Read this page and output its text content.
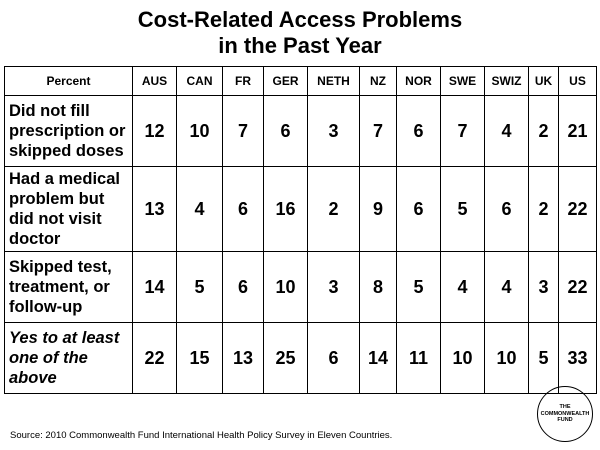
Cost-Related Access Problems
in the Past Year
Percent	AUS	CAN	FR	GER	NETH	NZ	NOR	SWE	SWIZ	UK	US

Did not fill
prescription or
skipped doses	12	10	7	6	3	7	6	7	4	2	21

Had a medical
problem but
did not visit
doctor	13	4	6	16	2	9	6	5	6	2	22

Skipped test,
treatment, or
follow-up	14	5	6	10	3	8	5	4	4	3	22

Yes to at least
one of the
above	22	15	13	25	6	14	11	10	10	5	33
Source: 2010 Commonwealth Fund International Health Policy Survey in Eleven Countries.
THE
COMMONWEALTH
FUND
